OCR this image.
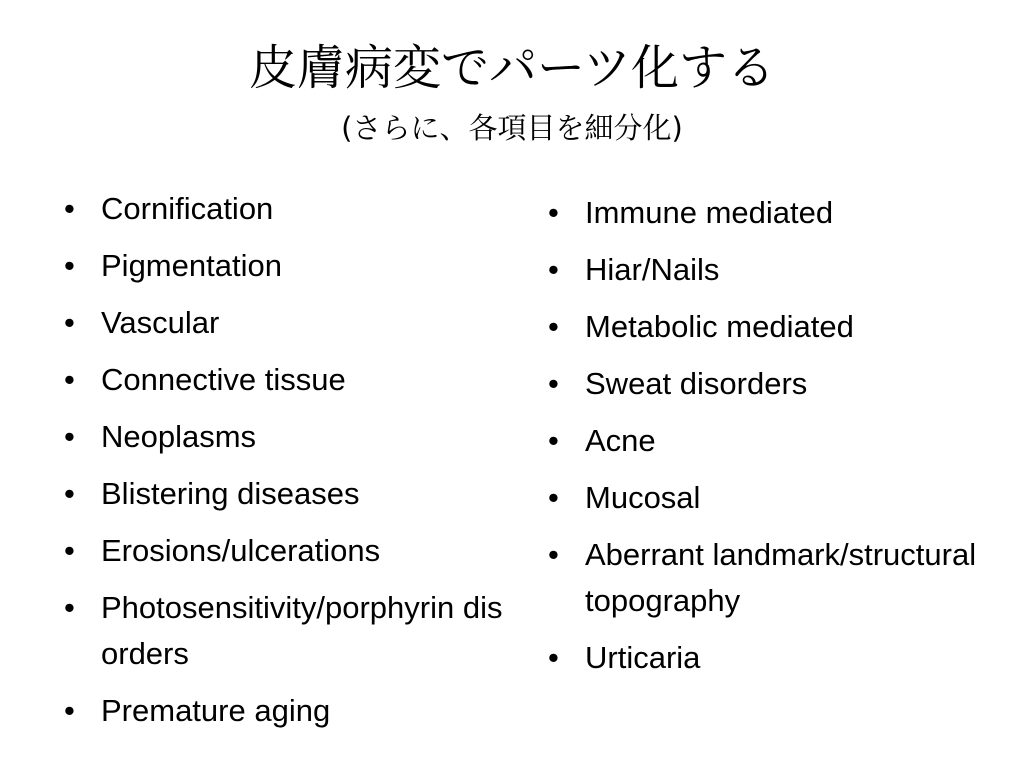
皮膚病変でパーツ化する
(さらに、各項目を細分化)
• Cornification
• Pigmentation
• Vascular
• Connective tissue
• Neoplasms
• Blistering diseases
• Erosions/ulcerations
• Photosensitivity/porphyrin disorders
• Premature aging
• Immune mediated
• Hiar/Nails
• Metabolic mediated
• Sweat disorders
• Acne
• Mucosal
• Aberrant landmark/structural topography
• Urticaria
